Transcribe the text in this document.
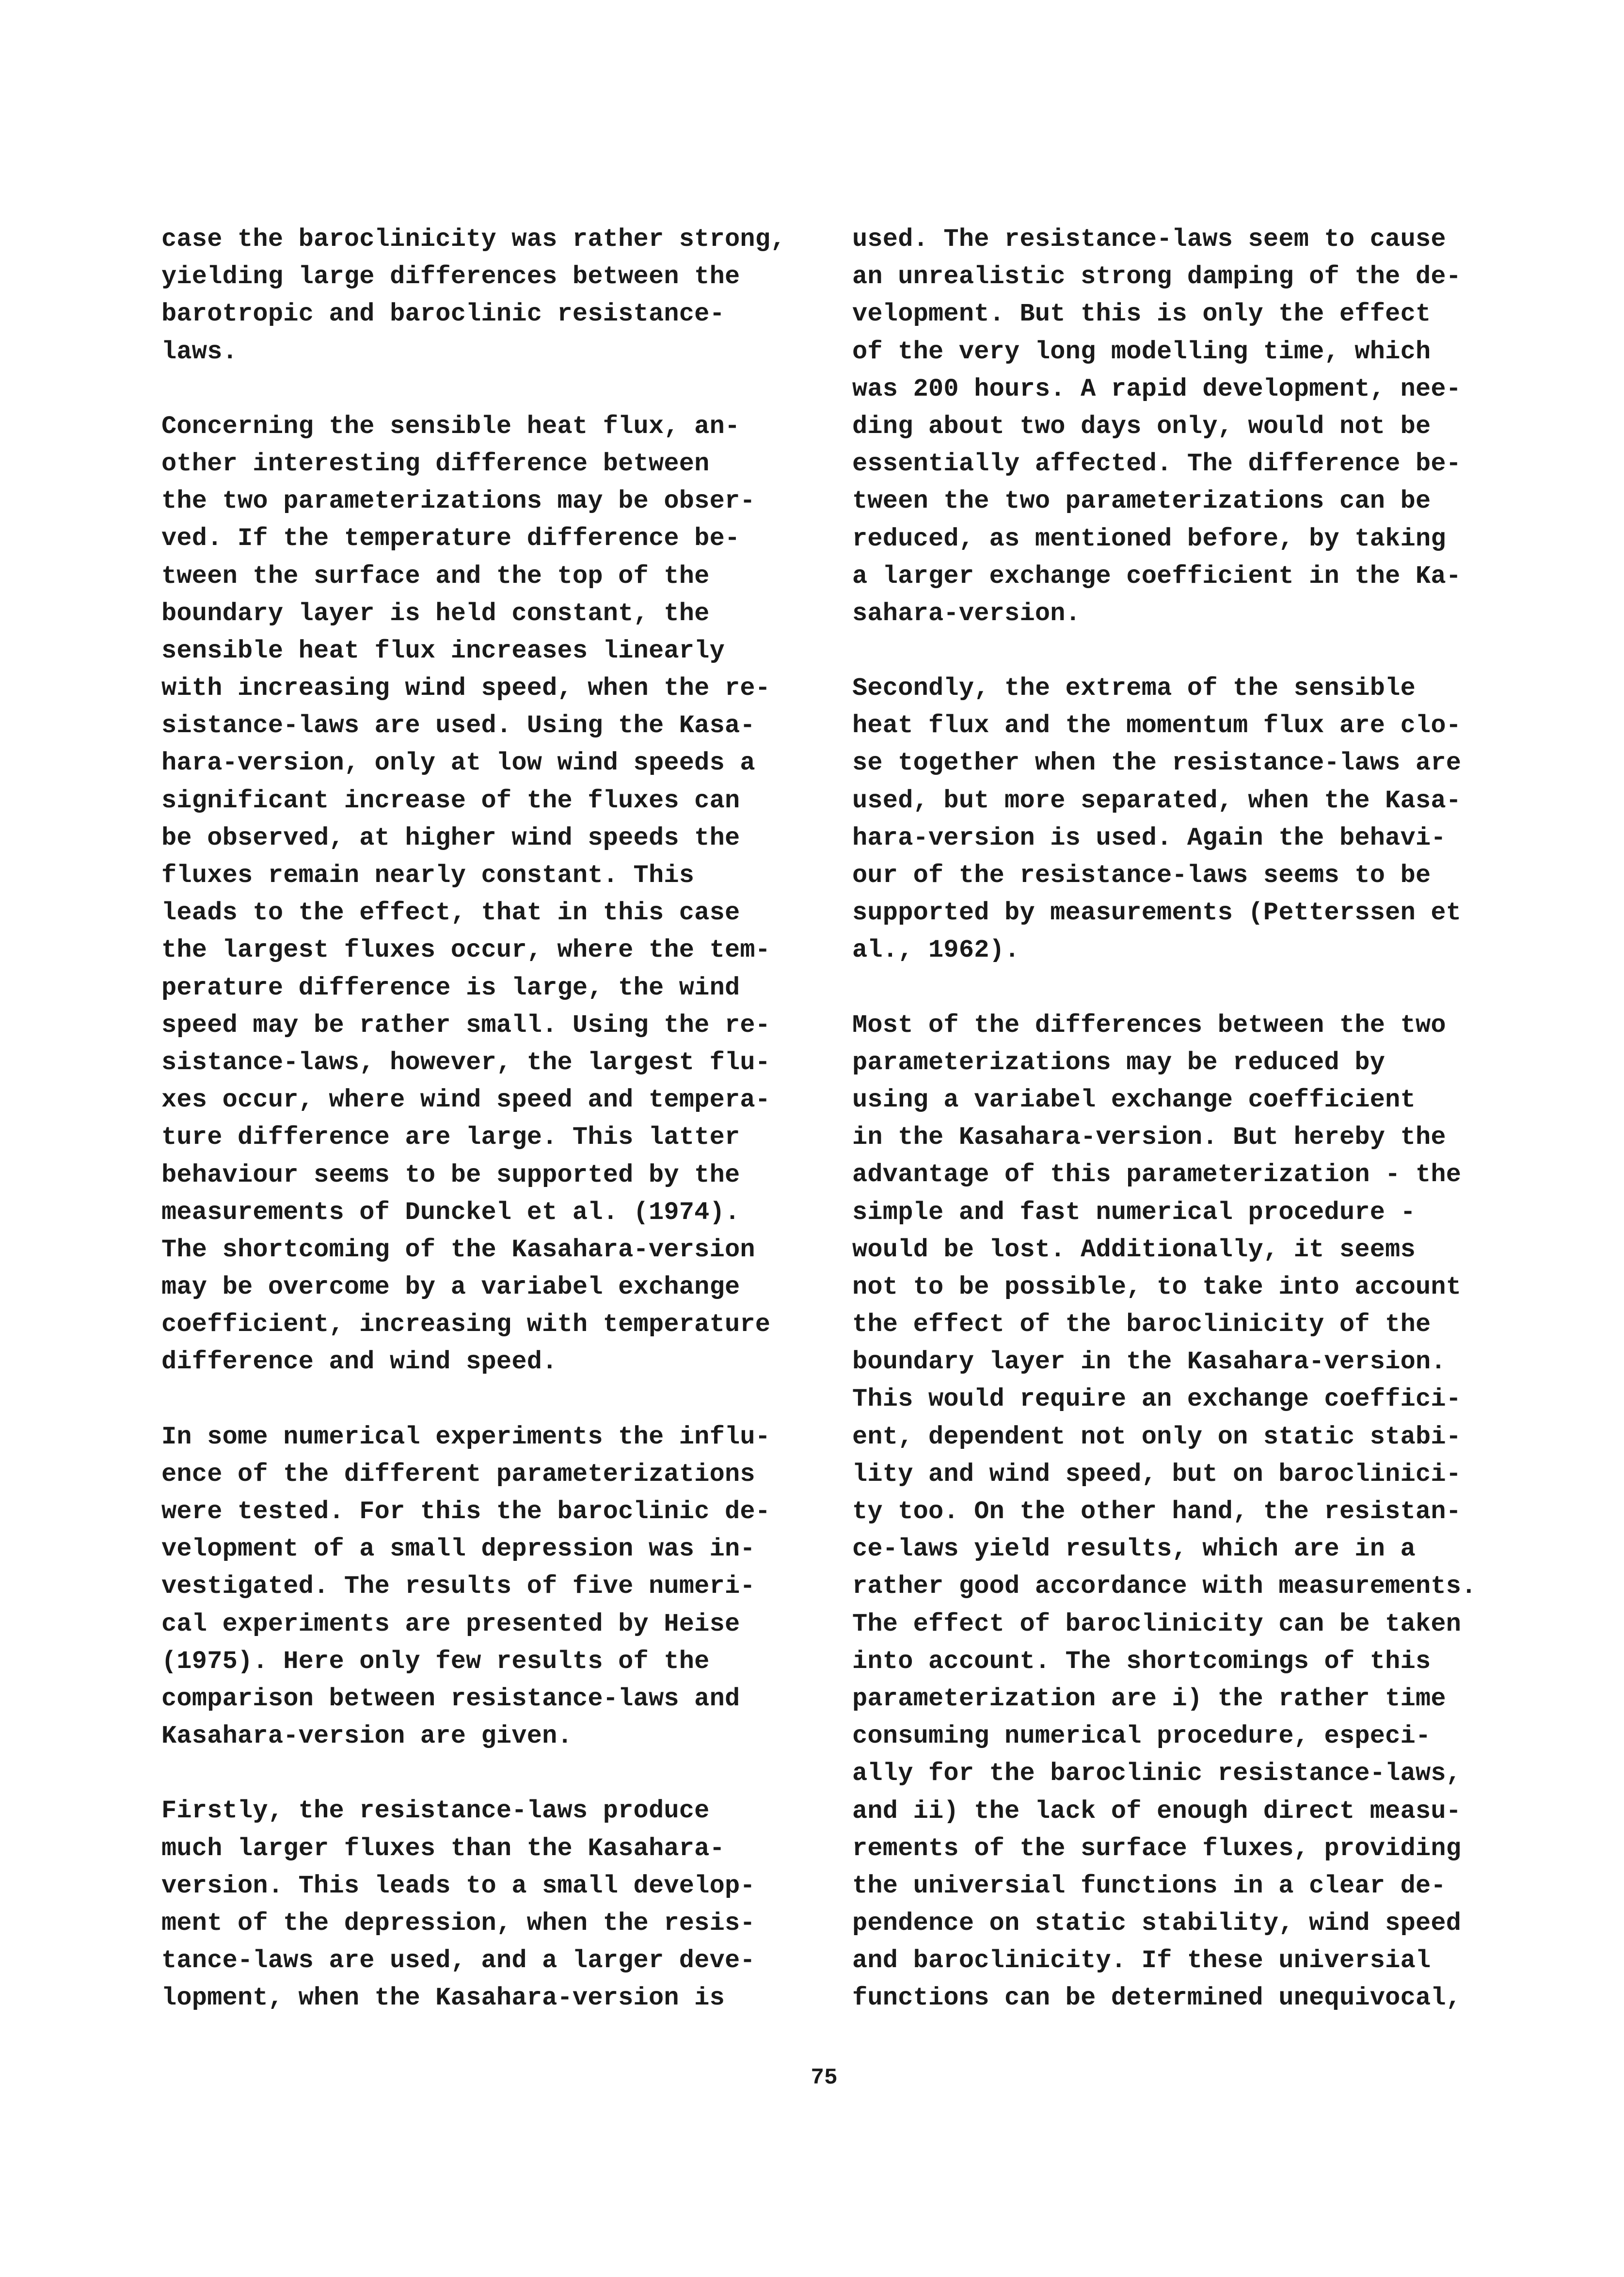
case the baroclinicity was rather strong,
yielding large differences between the
barotropic and baroclinic resistance-
laws.
Concerning the sensible heat flux, an-
other interesting difference between
the two parameterizations may be obser-
ved. If the temperature difference be-
tween the surface and the top of the
boundary layer is held constant, the
sensible heat flux increases linearly
with increasing wind speed, when the re-
sistance-laws are used. Using the Kasa-
hara-version, only at low wind speeds a
significant increase of the fluxes can
be observed, at higher wind speeds the
fluxes remain nearly constant. This
leads to the effect, that in this case
the largest fluxes occur, where the tem-
perature difference is large, the wind
speed may be rather small. Using the re-
sistance-laws, however, the largest flu-
xes occur, where wind speed and tempera-
ture difference are large. This latter
behaviour seems to be supported by the
measurements of Dunckel et al. (1974).
The shortcoming of the Kasahara-version
may be overcome by a variabel exchange
coefficient, increasing with temperature
difference and wind speed.
In some numerical experiments the influ-
ence of the different parameterizations
were tested. For this the baroclinic de-
velopment of a small depression was in-
vestigated. The results of five numeri-
cal experiments are presented by Heise
(1975). Here only few results of the
comparison between resistance-laws and
Kasahara-version are given.
Firstly, the resistance-laws produce
much larger fluxes than the Kasahara-
version. This leads to a small develop-
ment of the depression, when the resis-
tance-laws are used, and a larger deve-
lopment, when the Kasahara-version is
used. The resistance-laws seem to cause
an unrealistic strong damping of the de-
velopment. But this is only the effect
of the very long modelling time, which
was 200 hours. A rapid development, nee-
ding about two days only, would not be
essentially affected. The difference be-
tween the two parameterizations can be
reduced, as mentioned before, by taking
a larger exchange coefficient in the Ka-
sahara-version.
Secondly, the extrema of the sensible
heat flux and the momentum flux are clo-
se together when the resistance-laws are
used, but more separated, when the Kasa-
hara-version is used. Again the behavi-
our of the resistance-laws seems to be
supported by measurements (Petterssen et
al., 1962).
Most of the differences between the two
parameterizations may be reduced by
using a variabel exchange coefficient
in the Kasahara-version. But hereby the
advantage of this parameterization - the
simple and fast numerical procedure -
would be lost. Additionally, it seems
not to be possible, to take into account
the effect of the baroclinicity of the
boundary layer in the Kasahara-version.
This would require an exchange coeffici-
ent, dependent not only on static stabi-
lity and wind speed, but on baroclinici-
ty too. On the other hand, the resistan-
ce-laws yield results, which are in a
rather good accordance with measurements.
The effect of baroclinicity can be taken
into account. The shortcomings of this
parameterization are i) the rather time
consuming numerical procedure, especi-
ally for the baroclinic resistance-laws,
and ii) the lack of enough direct measu-
rements of the surface fluxes, providing
the universial functions in a clear de-
pendence on static stability, wind speed
and baroclinicity. If these universial
functions can be determined unequivocal,
75
